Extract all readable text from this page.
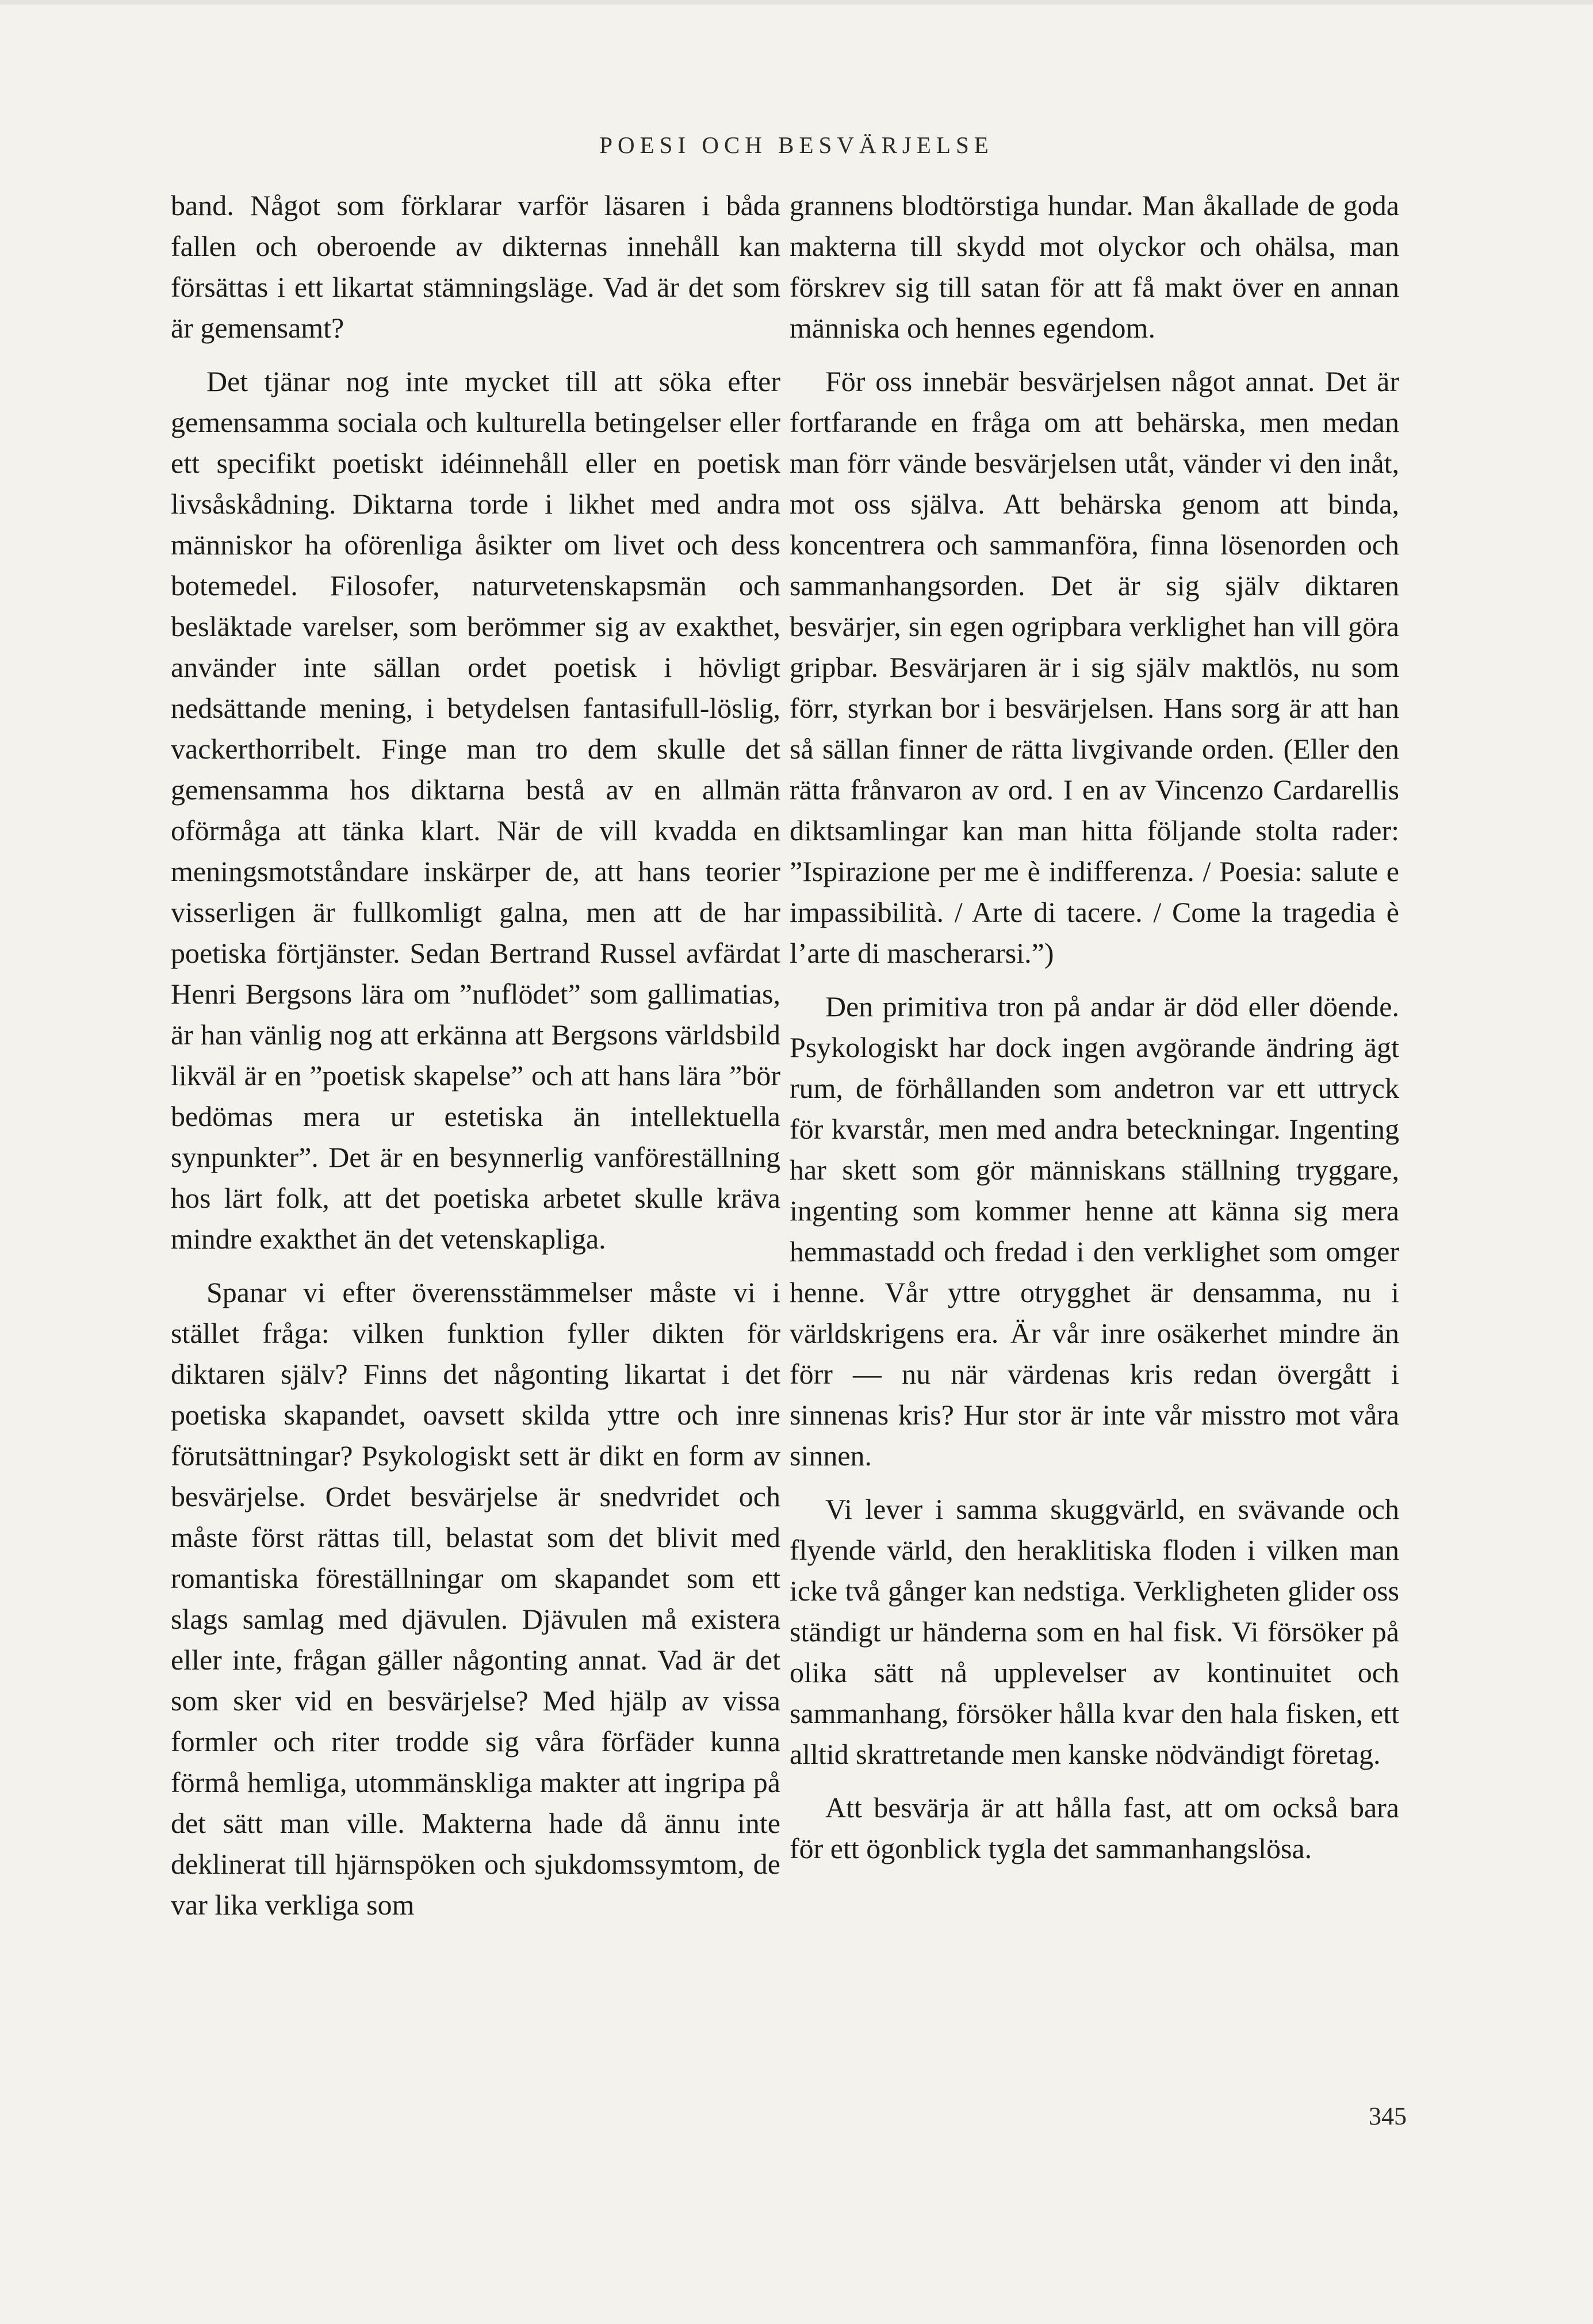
POESI OCH BESVÄRJELSE

band. Något som förklarar varför läsaren i båda fallen och oberoende av dikternas innehåll kan försättas i ett likartat stämningsläge. Vad är det som är gemensamt?

Det tjänar nog inte mycket till att söka efter gemensamma sociala och kulturella betingelser eller ett specifikt poetiskt idéinnehåll eller en poetisk livsåskådning. Diktarna torde i likhet med andra människor ha oförenliga åsikter om livet och dess botemedel. Filosofer, naturvetenskapsmän och besläktade varelser, som berömmer sig av exakthet, använder inte sällan ordet poetisk i hövligt nedsättande mening, i betydelsen fantasifull-löslig, vackerthorribelt. Finge man tro dem skulle det gemensamma hos diktarna bestå av en allmän oförmåga att tänka klart. När de vill kvadda en meningsmotståndare inskärper de, att hans teorier visserligen är fullkomligt galna, men att de har poetiska förtjänster. Sedan Bertrand Russel avfärdat Henri Bergsons lära om ”nuflödet” som gallimatias, är han vänlig nog att erkänna att Bergsons världsbild likväl är en ”poetisk skapelse” och att hans lära ”bör bedömas mera ur estetiska än intellektuella synpunkter”. Det är en besynnerlig vanföreställning hos lärt folk, att det poetiska arbetet skulle kräva mindre exakthet än det vetenskapliga.

Spanar vi efter överensstämmelser måste vi i stället fråga: vilken funktion fyller dikten för diktaren själv? Finns det någonting likartat i det poetiska skapandet, oavsett skilda yttre och inre förutsättningar? Psykologiskt sett är dikt en form av besvärjelse. Ordet besvärjelse är snedvridet och måste först rättas till, belastat som det blivit med romantiska föreställningar om skapandet som ett slags samlag med djävulen. Djävulen må existera eller inte, frågan gäller någonting annat. Vad är det som sker vid en besvärjelse? Med hjälp av vissa formler och riter trodde sig våra förfäder kunna förmå hemliga, utommänskliga makter att ingripa på det sätt man ville. Makterna hade då ännu inte deklinerat till hjärnspöken och sjukdomssymtom, de var lika verkliga som

grannens blodtörstiga hundar. Man åkallade de goda makterna till skydd mot olyckor och ohälsa, man förskrev sig till satan för att få makt över en annan människa och hennes egendom.

För oss innebär besvärjelsen något annat. Det är fortfarande en fråga om att behärska, men medan man förr vände besvärjelsen utåt, vänder vi den inåt, mot oss själva. Att behärska genom att binda, koncentrera och sammanföra, finna lösenorden och sammanhangsorden. Det är sig själv diktaren besvärjer, sin egen ogripbara verklighet han vill göra gripbar. Besvärjaren är i sig själv maktlös, nu som förr, styrkan bor i besvärjelsen. Hans sorg är att han så sällan finner de rätta livgivande orden. (Eller den rätta frånvaron av ord. I en av Vincenzo Cardarellis diktsamlingar kan man hitta följande stolta rader: ”Ispirazione per me è indifferenza. / Poesia: salute e impassibilità. / Arte di tacere. / Come la tragedia è l’arte di mascherarsi.”)

Den primitiva tron på andar är död eller döende. Psykologiskt har dock ingen avgörande ändring ägt rum, de förhållanden som andetron var ett uttryck för kvarstår, men med andra beteckningar. Ingenting har skett som gör människans ställning tryggare, ingenting som kommer henne att känna sig mera hemmastadd och fredad i den verklighet som omger henne. Vår yttre otrygghet är densamma, nu i världskrigens era. Är vår inre osäkerhet mindre än förr — nu när värdenas kris redan övergått i sinnenas kris? Hur stor är inte vår misstro mot våra sinnen.

Vi lever i samma skuggvärld, en svävande och flyende värld, den heraklitiska floden i vilken man icke två gånger kan nedstiga. Verkligheten glider oss ständigt ur händerna som en hal fisk. Vi försöker på olika sätt nå upplevelser av kontinuitet och sammanhang, försöker hålla kvar den hala fisken, ett alltid skrattretande men kanske nödvändigt företag.

Att besvärja är att hålla fast, att om också bara för ett ögonblick tygla det sammanhangslösa.

345
